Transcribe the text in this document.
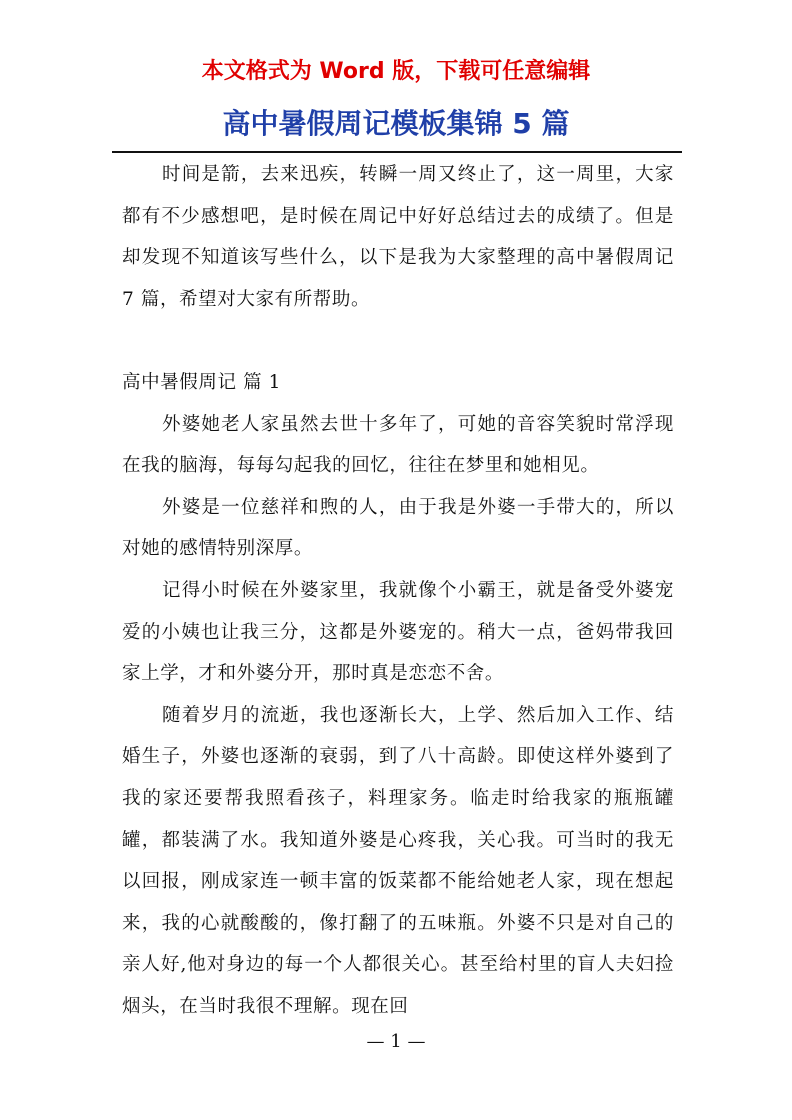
本文格式为 Word 版，下载可任意编辑
高中暑假周记模板集锦 5 篇

时间是箭，去来迅疾，转瞬一周又终止了，这一周里，大家都有不少感想吧，是时候在周记中好好总结过去的成绩了。但是却发现不知道该写些什么，以下是我为大家整理的高中暑假周记 7 篇，希望对大家有所帮助。

高中暑假周记 篇 1

外婆她老人家虽然去世十多年了，可她的音容笑貌时常浮现在我的脑海，每每勾起我的回忆，往往在梦里和她相见。

外婆是一位慈祥和煦的人，由于我是外婆一手带大的，所以对她的感情特别深厚。

记得小时候在外婆家里，我就像个小霸王，就是备受外婆宠爱的小姨也让我三分，这都是外婆宠的。稍大一点，爸妈带我回家上学，才和外婆分开，那时真是恋恋不舍。

随着岁月的流逝，我也逐渐长大，上学、然后加入工作、结婚生子，外婆也逐渐的衰弱，到了八十高龄。即使这样外婆到了我的家还要帮我照看孩子，料理家务。临走时给我家的瓶瓶罐罐，都装满了水。我知道外婆是心疼我，关心我。可当时的我无以回报，刚成家连一顿丰富的饭菜都不能给她老人家，现在想起来，我的心就酸酸的，像打翻了的五味瓶。外婆不只是对自己的亲人好,他对身边的每一个人都很关心。甚至给村里的盲人夫妇捡烟头，在当时我很不理解。现在回

— 1 —
